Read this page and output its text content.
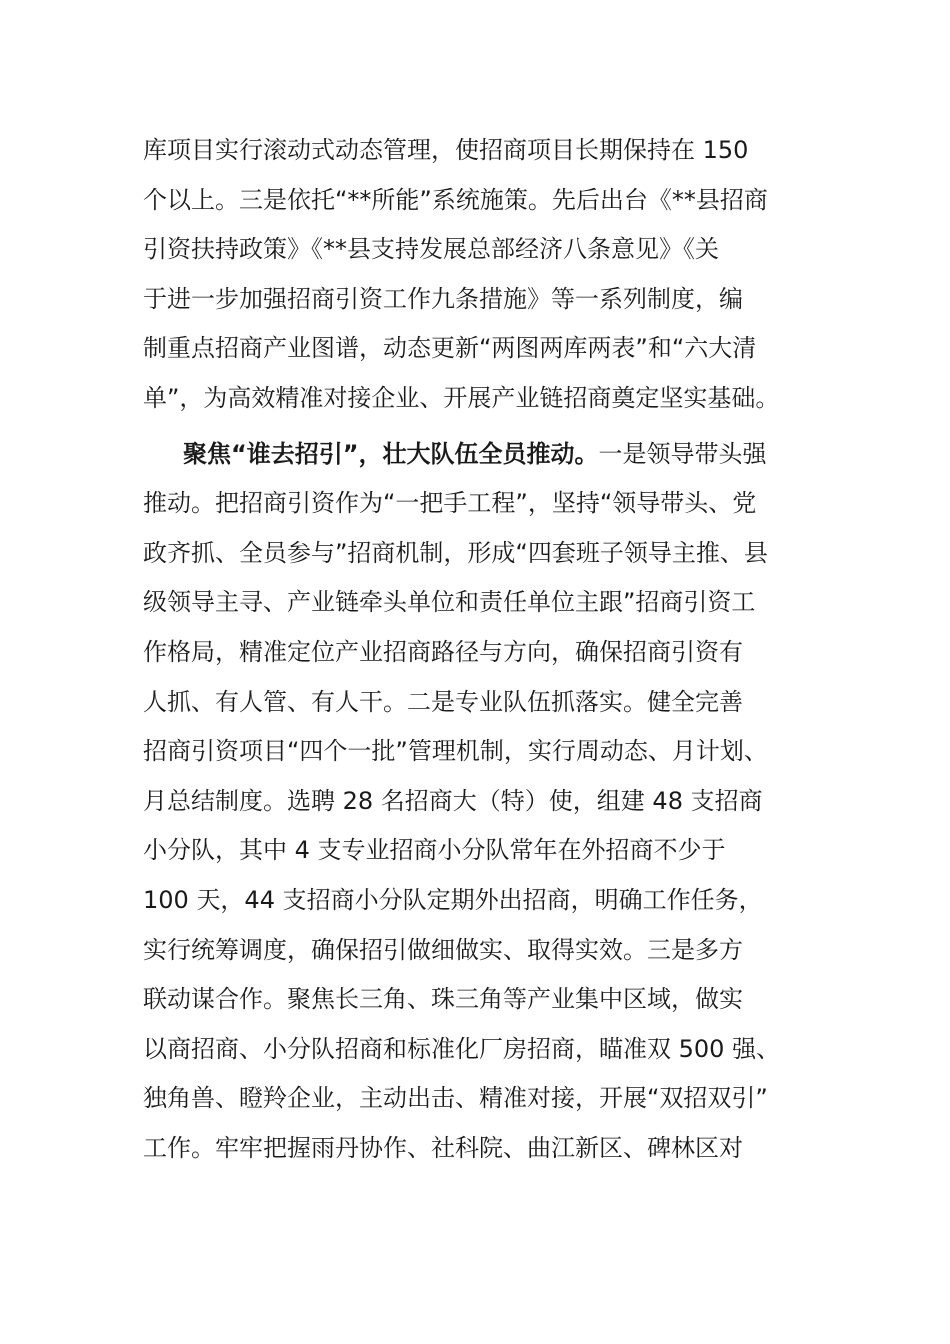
库项目实行滚动式动态管理，使招商项目长期保持在 150
个以上。三是依托“**所能”系统施策。先后出台《**县招商
引资扶持政策》《**县支持发展总部经济八条意见》《关
于进一步加强招商引资工作九条措施》等一系列制度，编
制重点招商产业图谱，动态更新“两图两库两表”和“六大清
单”，为高效精准对接企业、开展产业链招商奠定坚实基础。
聚焦“谁去招引”，壮大队伍全员推动。一是领导带头强
推动。把招商引资作为“一把手工程”，坚持“领导带头、党
政齐抓、全员参与”招商机制，形成“四套班子领导主推、县
级领导主寻、产业链牵头单位和责任单位主跟”招商引资工
作格局，精准定位产业招商路径与方向，确保招商引资有
人抓、有人管、有人干。二是专业队伍抓落实。健全完善
招商引资项目“四个一批”管理机制，实行周动态、月计划、
月总结制度。选聘 28 名招商大（特）使，组建 48 支招商
小分队，其中 4 支专业招商小分队常年在外招商不少于
100 天，44 支招商小分队定期外出招商，明确工作任务，
实行统筹调度，确保招引做细做实、取得实效。三是多方
联动谋合作。聚焦长三角、珠三角等产业集中区域，做实
以商招商、小分队招商和标准化厂房招商，瞄准双 500 强、
独角兽、瞪羚企业，主动出击、精准对接，开展“双招双引”
工作。牢牢把握雨丹协作、社科院、曲江新区、碑林区对
